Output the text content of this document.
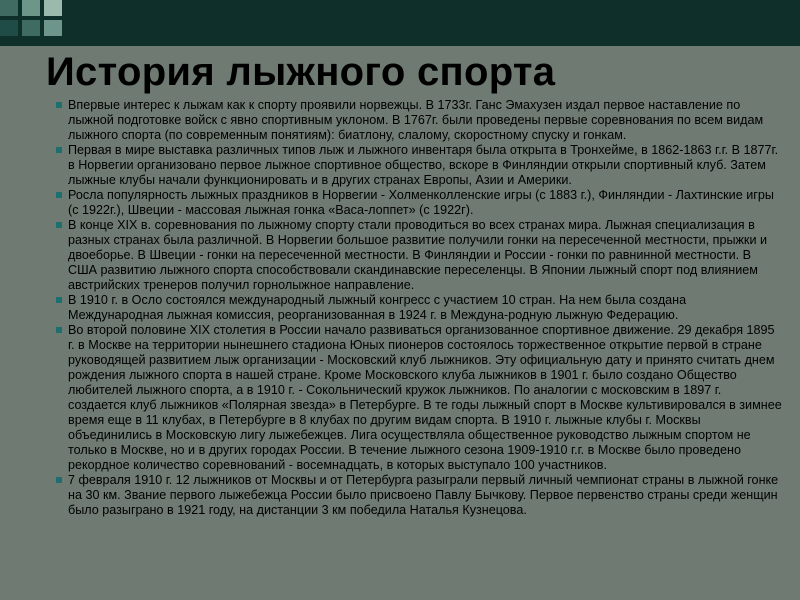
История лыжного спорта

Впервые интерес к лыжам как к спорту проявили норвежцы. В 1733г. Ганс Эмахузен издал первое наставление по лыжной подготовке войск с явно спортивным уклоном. В 1767г. были проведены первые соревнования по всем видам лыжного спорта (по современным понятиям): биатлону, слалому, скоростному спуску и гонкам.

Первая в мире выставка различных типов лыж и лыжного инвентаря была открыта в Тронхейме, в 1862-1863 г.г. В 1877г. в Норвегии организовано первое лыжное спортивное общество, вскоре в Финляндии открыли спортивный клуб. Затем лыжные клубы начали функционировать и в других странах Европы, Азии и Америки.

Росла популярность лыжных праздников в Норвегии - Холменколленские игры (с 1883 г.), Финляндии - Лахтинские игры (с 1922г.), Швеции - массовая лыжная гонка «Васа-лоппет» (с 1922г).

В конце XIX в. соревнования по лыжному спорту стали проводиться во всех странах мира. Лыжная специализация в разных странах была различной. В Норвегии большое развитие получили гонки на пересеченной местности, прыжки и двоеборье. В Швеции - гонки на пересеченной местности. В Финляндии и России - гонки по равнинной местности. В США развитию лыжного спорта способствовали скандинавские переселенцы. В Японии лыжный спорт под влиянием австрийских тренеров получил горнолыжное направление.

В 1910 г. в Осло состоялся международный лыжный конгресс с участием 10 стран. На нем была создана Международная лыжная комиссия, реорганизованная в 1924 г. в Междуна-родную лыжную Федерацию.

Во второй половине XIX столетия в России начало развиваться организованное спортивное движение. 29 декабря 1895 г. в Москве на территории нынешнего стадиона Юных пионеров состоялось торжественное открытие первой в стране руководящей развитием лыж организации - Московский клуб лыжников. Эту официальную дату и принято считать днем рождения лыжного спорта в нашей стране. Кроме Московского клуба лыжников в 1901 г. было создано Общество любителей лыжного спорта, а в 1910 г. - Сокольнический кружок лыжников. По аналогии с московским в 1897 г. создается клуб лыжников «Полярная звезда» в Петербурге. В те годы лыжный спорт в Москве культивировался в зимнее время еще в 11 клубах, в Петербурге в 8 клубах по другим видам спорта. В 1910 г. лыжные клубы г. Москвы объединились в Московскую лигу лыжебежцев. Лига осуществляла общественное руководство лыжным спортом не только в Москве, но и в других городах России. В течение лыжного сезона 1909-1910 г.г. в Москве было проведено рекордное количество соревнований - восемнадцать, в которых выступало 100 участников.

7 февраля 1910 г. 12 лыжников от Москвы и от Петербурга разыграли первый личный чемпионат страны в лыжной гонке на 30 км. Звание первого лыжебежца России было присвоено Павлу Бычкову. Первое первенство страны среди женщин было разыграно в 1921 году, на дистанции 3 км победила Наталья Кузнецова.
